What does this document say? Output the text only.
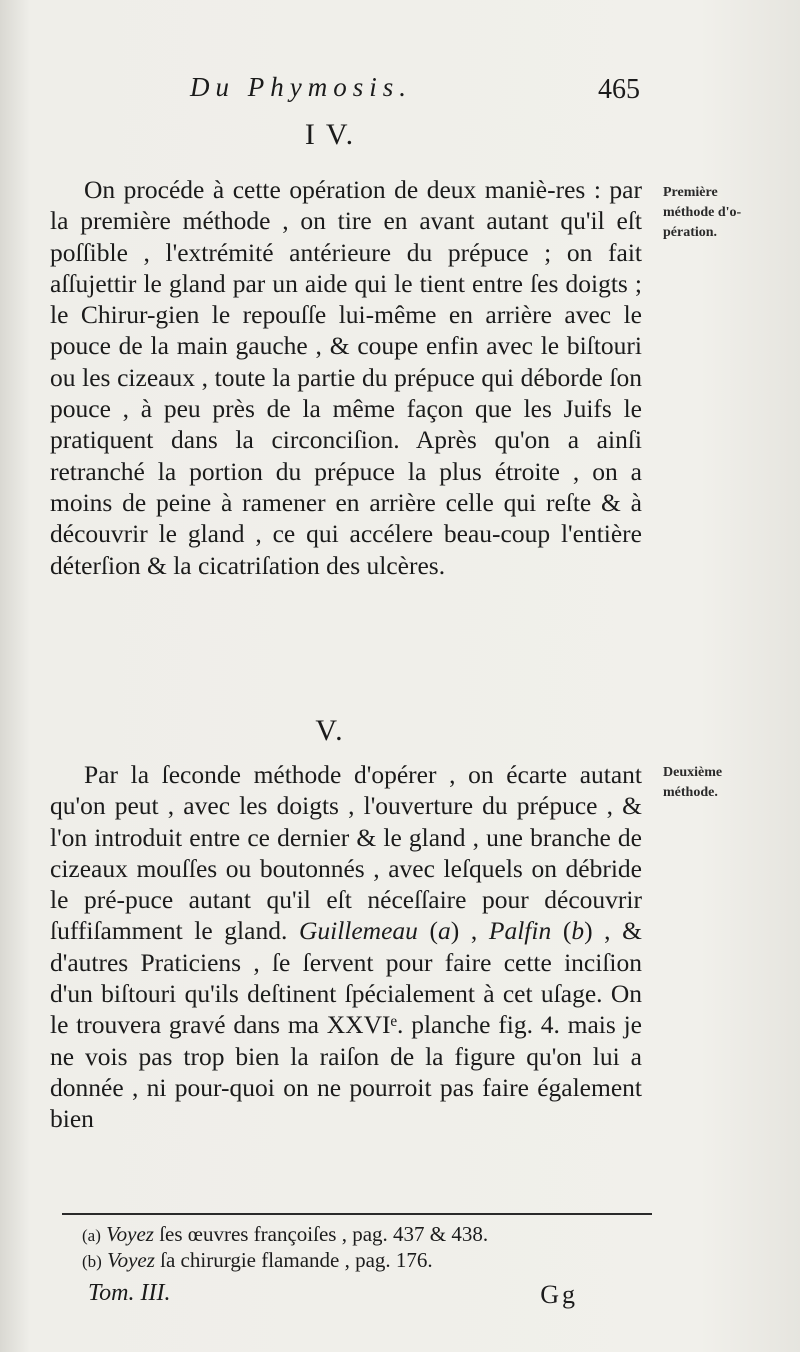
Du Phymosis.	465
I V.

On procéde à cette opération de deux maniè-res : par la première méthode , on tire en avant autant qu'il eſt poſſible , l'extrémité antérieure du prépuce ; on fait aſſujettir le gland par un aide qui le tient entre ſes doigts ; le Chirur-gien le repouſſe lui-même en arrière avec le pouce de la main gauche , & coupe enfin avec le biſtouri ou les cizeaux , toute la partie du prépuce qui déborde ſon pouce , à peu près de la même façon que les Juifs le pratiquent dans la circonciſion. Après qu'on a ainſi retranché la portion du prépuce la plus étroite , on a moins de peine à ramener en arrière celle qui reſte & à découvrir le gland , ce qui accélere beau-coup l'entière déterſion & la cicatriſation des ulcères.

Première
méthode d'o-
pération.
V.

Par la ſeconde méthode d'opérer , on écarte autant qu'on peut , avec les doigts , l'ouverture du prépuce , & l'on introduit entre ce dernier & le gland , une branche de cizeaux mouſſes ou boutonnés , avec leſquels on débride le pré-puce autant qu'il eſt néceſſaire pour découvrir ſuffiſamment le gland. Guillemeau (a) , Palfin (b) , & d'autres Praticiens , ſe ſervent pour faire cette inciſion d'un biſtouri qu'ils deſtinent ſpécialement à cet uſage. On le trouvera gravé dans ma XXVIᵉ. planche fig. 4. mais je ne vois pas trop bien la raiſon de la figure qu'on lui a donnée , ni pour-quoi on ne pourroit pas faire également bien

Deuxième
méthode.
(a) Voyez ſes œuvres françoiſes , pag. 437 & 438.
(b) Voyez ſa chirurgie flamande , pag. 176.
Tom. III.	Gg
